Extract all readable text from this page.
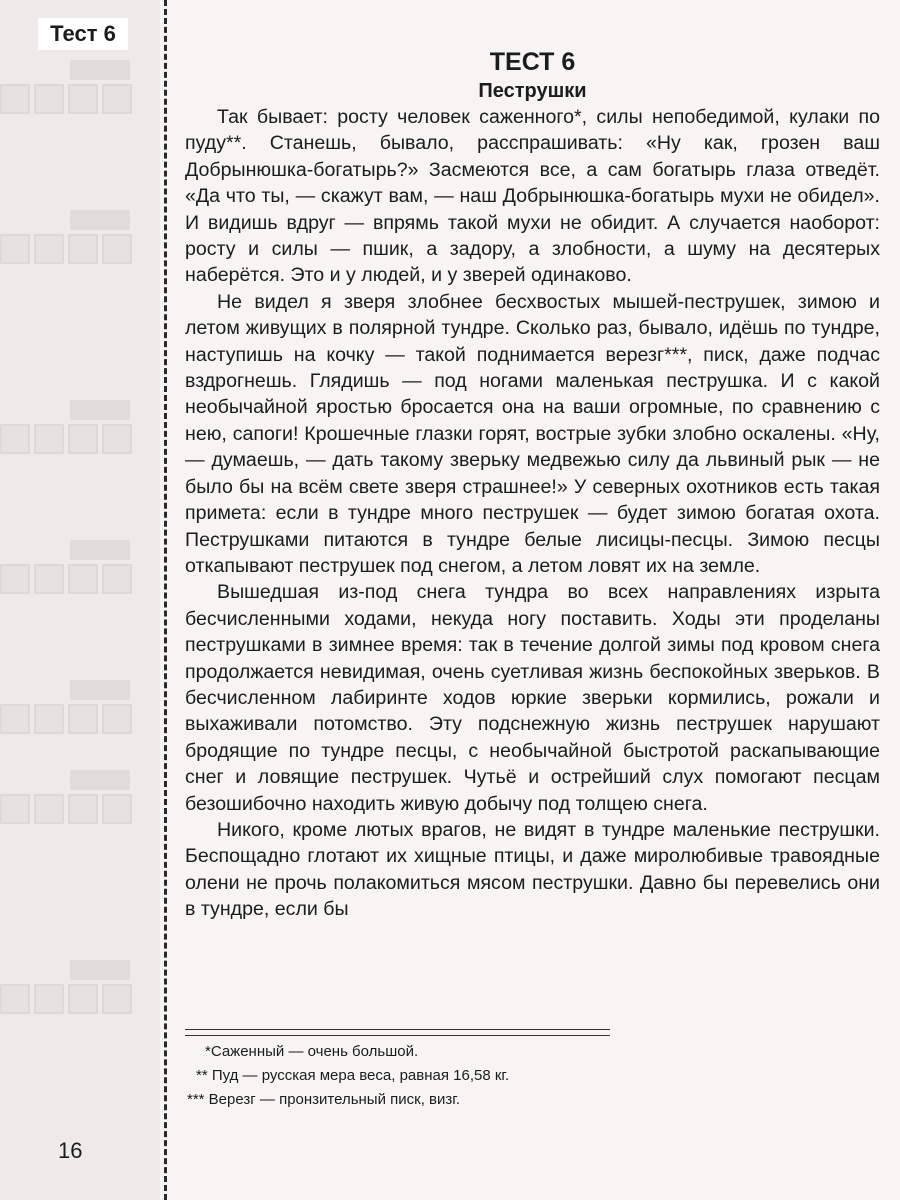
Тест 6
16
ТЕСТ 6
Пеструшки

Так бывает: росту человек саженного*, силы непобедимой, кулаки по пуду**. Станешь, бывало, расспрашивать: «Ну как, грозен ваш Добрынюшка-богатырь?» Засмеются все, а сам богатырь глаза отведёт. «Да что ты, — скажут вам, — наш Добрынюшка-богатырь мухи не обидел». И видишь вдруг — впрямь такой мухи не обидит. А случается наоборот: росту и силы — пшик, а задору, а злобности, а шуму на десятерых наберётся. Это и у людей, и у зверей одинаково.

Не видел я зверя злобнее бесхвостых мышей-пеструшек, зимою и летом живущих в полярной тундре. Сколько раз, бывало, идёшь по тундре, наступишь на кочку — такой поднимается верезг***, писк, даже подчас вздрогнешь. Глядишь — под ногами маленькая пеструшка. И с какой необычайной яростью бросается она на ваши огромные, по сравнению с нею, сапоги! Крошечные глазки горят, вострые зубки злобно оскалены. «Ну, — думаешь, — дать такому зверьку медвежью силу да львиный рык — не было бы на всём свете зверя страшнее!» У северных охотников есть такая примета: если в тундре много пеструшек — будет зимою богатая охота. Пеструшками питаются в тундре белые лисицы-песцы. Зимою песцы откапывают пеструшек под снегом, а летом ловят их на земле.

Вышедшая из-под снега тундра во всех направлениях изрыта бесчисленными ходами, некуда ногу поставить. Ходы эти проделаны пеструшками в зимнее время: так в течение долгой зимы под кровом снега продолжается невидимая, очень суетливая жизнь беспокойных зверьков. В бесчисленном лабиринте ходов юркие зверьки кормились, рожали и выхаживали потомство. Эту подснежную жизнь пеструшек нарушают бродящие по тундре песцы, с необычайной быстротой раскапывающие снег и ловящие пеструшек. Чутьё и острейший слух помогают песцам безошибочно находить живую добычу под толщею снега.

Никого, кроме лютых врагов, не видят в тундре маленькие пеструшки. Беспощадно глотают их хищные птицы, и даже миролюбивые травоядные олени не прочь полакомиться мясом пеструшки. Давно бы перевелись они в тундре, если бы

*Саженный — очень большой.
** Пуд — русская мера веса, равная 16,58 кг.
*** Верезг — пронзительный писк, визг.
